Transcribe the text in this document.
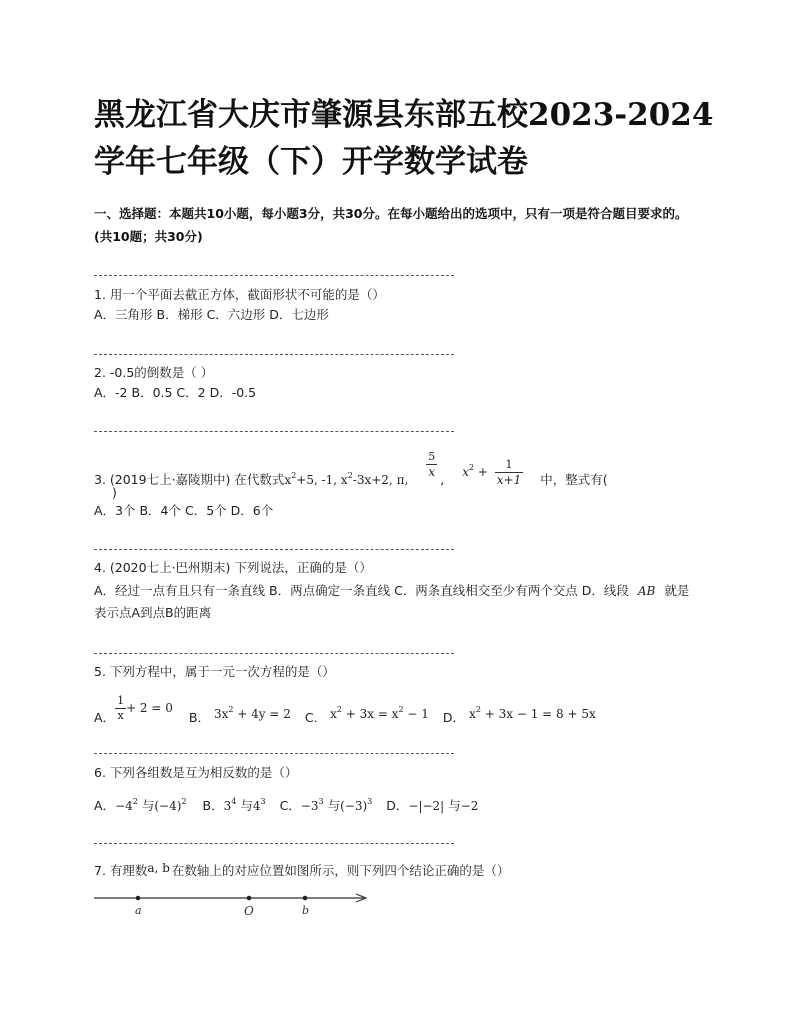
黑龙江省大庆市肇源县东部五校2023-2024学年七年级（下）开学数学试卷

一、选择题：本题共10小题，每小题3分，共30分。在每小题给出的选项中，只有一项是符合题目要求的。(共10题；共30分)

1. 用一个平面去截正方体，截面形状不可能的是（）
A．三角形 B．梯形 C．六边形 D．七边形
2. -0.5的倒数是（ ）
A．-2 B．0.5 C．2 D．-0.5
3. (2019七上·嘉陵期中) 在代数式$x^2+5$, -1, $x^2-3x+2$, π,
$\frac{5}{x}$
, $x^2 + \frac{1}{x+1}$ 中，整式有(
)
A．3个 B．4个 C．5个 D．6个
4. (2020七上·巴州期末) 下列说法，正确的是（）
A．经过一点有且只有一条直线 B．两点确定一条直线 C．两条直线相交至少有两个交点 D．线段 AB 就是表示点A到点B的距离
5. 下列方程中，属于一元一次方程的是（）
A． $\frac{1}{x} + 2 = 0$ B． $3x^2 + 4y = 2$ C． $x^2 + 3x = x^2 - 1$ D． $x^2 + 3x - 1 = 8 + 5x$
6. 下列各组数是互为相反数的是（）
A．$-4^2$ 与$(-4)^2$ B．$3^4$ 与$4^3$ C．$-3^3$ 与$(-3)^3$ D．−|−2| 与−2
7. 有理数a, b 在数轴上的对应位置如图所示，则下列四个结论正确的是（）
a	O	b
